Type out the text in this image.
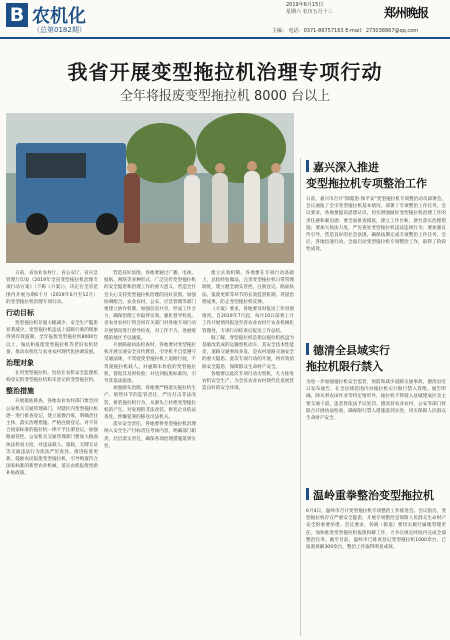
B 农机化
（总第0182期）
2019年6月15日
星期六 农历五月十三	郑州晚报
主编： 电话：0371-86757163 E-mail：273038867@qq.com
我省开展变型拖拉机治理专项行动
全年将报废变型拖拉机 8000 台以上
日前，省农业农村厅、省公安厅、省应急管理厅印发《2019年全省变型拖拉机治理专项行动方案》（下称《方案》），决定在全省范围内开展为期6个月（2019年6月至12月）的变型拖拉机治理专项行动。
行动目标
变型拖拉机存量大幅减少，安全生产隐患显著减少，变型拖拉机违法上道路行驶的现象得到有效遏制，全年报废变型拖拉机8000台以上，淘汰和报废变型拖拉机等老旧农机装备，推动农机化与农业农村现代化协调发展。
治理对象
在用变型拖拉机，包括在农机安全监理机构登记的变型拖拉机和未登记的变型拖拉机。
整治措施
开展摸底排查。各地农业农村部门要会同公安机关交通管理部门，对辖区内变型拖拉机逐一进行排查登记，建立底数台账，明确责任主体，落实治理措施。严格注册登记。对不符合国家标准的拖拉机一律不予注册登记。加强路面管控。公安机关交通管理部门要加大路面执法检查力度，对违法载人、超载、无牌无证等交通违法行为依法严厉查处。推进报废更新。鼓励农民报废变型拖拉机，引导购置符合国家标准的新型农业机械，落实农机报废更新补贴政策。
营造良好氛围。各地要通过广播、电视、报纸、网络等多种形式，广泛宣传变型拖拉机的安全隐患和治理工作的重大意义，营造全社会关心支持变型拖拉机治理的良好氛围。加强协调配合。农业农村、公安、应急管理等部门要建立协作机制，加强信息共享，形成工作合力，确保治理工作取得实效。强化督导检查。省农业农村厅将会同有关部门对各地专项行动开展情况进行督导检查，对工作不力、进展缓慢的地区予以通报。
开展路面执法检查时，各地要对变型拖拉机开展交通安全宣传教育，引导机手自觉遵守交通法规，不驾驶变型拖拉机上道路行驶，不驾驶拖拉机载人。对逾期未检验的变型拖拉机，督促其及时检验；对达到报废标准的，引导其依法报废。
加强源头治理。各地要严格落实拖拉机生产、销售环节的监管责任，严厉打击非法改装、拼装拖拉机行为，从源头上杜绝变型拖拉机的产生。对发现的非法改装、拼装企业依法查处，涉嫌犯罪的移送司法机关。
落实安全责任。各地要将变型拖拉机治理纳入安全生产目标责任考核内容，明确部门职责，层层落实责任，确保各项治理措施落到实处。
建立长效机制。各地要在专项行动基础上，总结经验做法，完善变型拖拉机日常管理制度，建立健全源头管控、注册登记、路面执法、报废更新等环节的长效监管机制，巩固治理成果，防止变型拖拉机反弹。
《方案》要求，各地要及时报送工作进展情况。自2019年7月起，每月10日前将上月工作开展情况报送至省农业农村厅农业机械化管理处，专项行动结束后报送工作总结。
据了解，变型拖拉机是指以拖拉机底盘为基础改装成的运输型机动车，其安全技术性能差，道路交通事故多发，是农村道路交通安全的重大隐患。此次专项行动的开展，将有效消除安全隐患，保障群众生命财产安全。
各地要以此次专项行动为契机，大力推进农机安全生产，为全省农业农村现代化发展营造良好的安全环境。
嘉兴深入推进
变型拖拉机专项整治工作
日前，嘉兴市召开“除隐患·保平安”变型拖拉机专项整治动员部署会。会议通报了全市变型拖拉机基本情况，部署了专项整治工作任务。会议要求，各地要提高思想认识，切实增强做好变型拖拉机治理工作的责任感和紧迫感；要全面排查摸底，建立工作台账，逐台落实治理措施；要加大执法力度，严厉查处变型拖拉机违法违规行为；要加强宣传引导，营造良好的社会氛围，确保按期完成专项整治工作任务。会后，各地迅速行动，全面启动变型拖拉机专项整治工作，取得了阶段性成效。
德清全县域实行
拖拉机限行禁入
为进一步加强拖拉机安全监管，预防和减少道路交通事故，德清县近日发布通告，在全县域范围内对拖拉机实行限行禁入管理。通告明确，除从事农田作业等特定情形外，拖拉机不得驶入县城建成区及主要交通干道，违者将依法予以处罚。德清县农业农村、公安等部门将联合开展执法检查，确保限行禁入措施落到实处，切实保障人民群众生命财产安全。
温岭重拳整治变型拖拉机
6月4日，温岭市召开变型拖拉机专项整治工作推进会。会议指出，变型拖拉机存在严重安全隐患，开展专项整治是保障人民群众生命财产安全的重要举措。会议要求，各镇（街道）要切实履行属地管理责任，加快推进变型拖拉机报废拆解工作，力争在规定时间内完成全部整治任务。截至目前，温岭市已排查登记变型拖拉机1000余台，已报废拆解300余台，整治工作取得明显成效。
